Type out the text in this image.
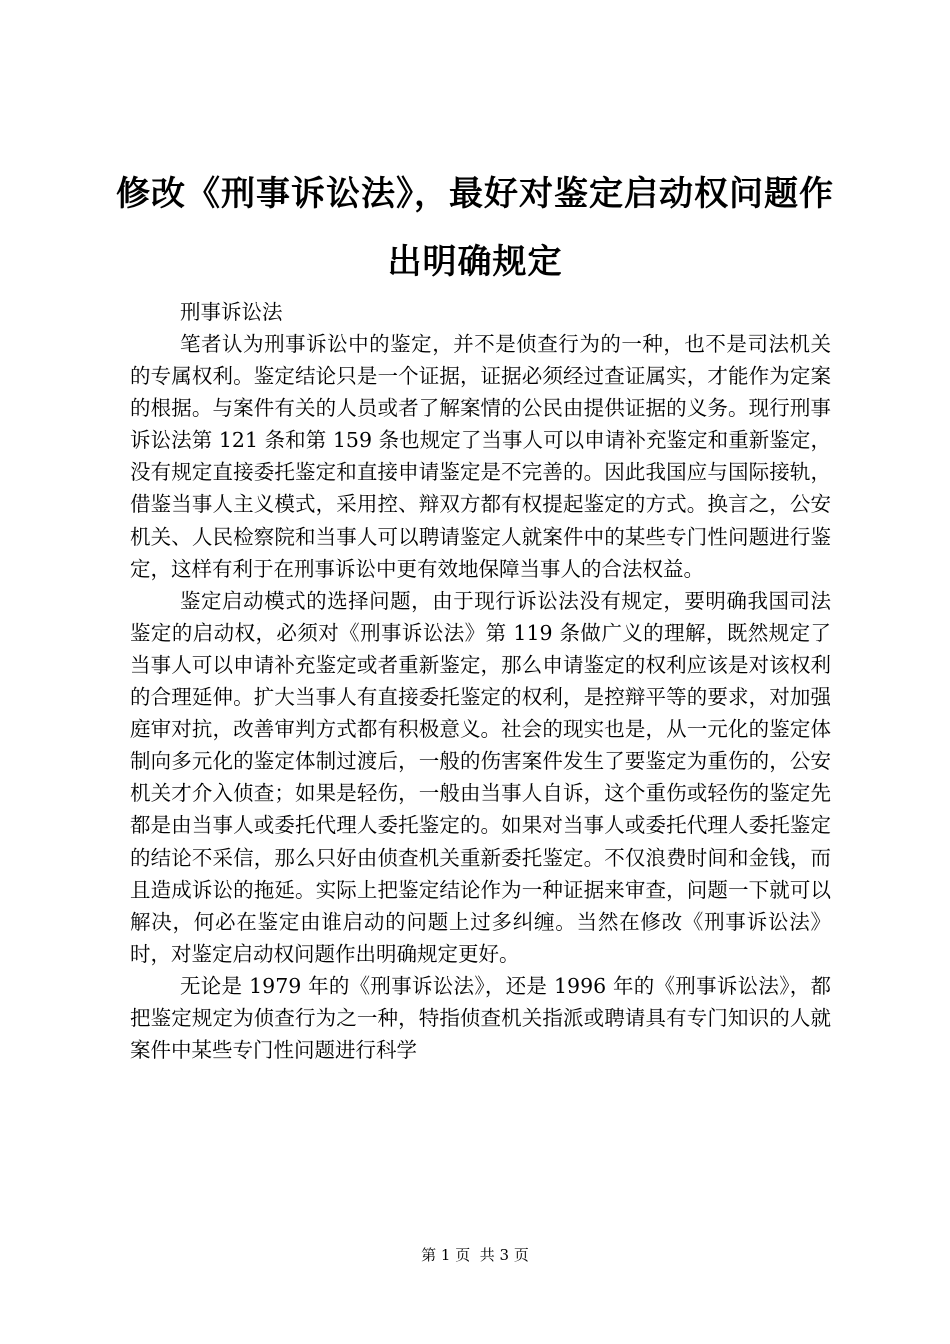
修改《刑事诉讼法》，最好对鉴定启动权问题作出明确规定

刑事诉讼法

笔者认为刑事诉讼中的鉴定，并不是侦查行为的一种，也不是司法机关的专属权利。鉴定结论只是一个证据，证据必须经过查证属实，才能作为定案的根据。与案件有关的人员或者了解案情的公民由提供证据的义务。现行刑事诉讼法第 121 条和第 159 条也规定了当事人可以申请补充鉴定和重新鉴定，没有规定直接委托鉴定和直接申请鉴定是不完善的。因此我国应与国际接轨，借鉴当事人主义模式，采用控、辩双方都有权提起鉴定的方式。换言之，公安机关、人民检察院和当事人可以聘请鉴定人就案件中的某些专门性问题进行鉴定，这样有利于在刑事诉讼中更有效地保障当事人的合法权益。

鉴定启动模式的选择问题，由于现行诉讼法没有规定，要明确我国司法鉴定的启动权，必须对《刑事诉讼法》第 119 条做广义的理解，既然规定了当事人可以申请补充鉴定或者重新鉴定，那么申请鉴定的权利应该是对该权利的合理延伸。扩大当事人有直接委托鉴定的权利，是控辩平等的要求，对加强庭审对抗，改善审判方式都有积极意义。社会的现实也是，从一元化的鉴定体制向多元化的鉴定体制过渡后，一般的伤害案件发生了要鉴定为重伤的，公安机关才介入侦查；如果是轻伤，一般由当事人自诉，这个重伤或轻伤的鉴定先都是由当事人或委托代理人委托鉴定的。如果对当事人或委托代理人委托鉴定的结论不采信，那么只好由侦查机关重新委托鉴定。不仅浪费时间和金钱，而且造成诉讼的拖延。实际上把鉴定结论作为一种证据来审查，问题一下就可以解决，何必在鉴定由谁启动的问题上过多纠缠。当然在修改《刑事诉讼法》时，对鉴定启动权问题作出明确规定更好。

无论是 1979 年的《刑事诉讼法》，还是 1996 年的《刑事诉讼法》，都把鉴定规定为侦查行为之一种，特指侦查机关指派或聘请具有专门知识的人就案件中某些专门性问题进行科学

第 1 页 共 3 页
